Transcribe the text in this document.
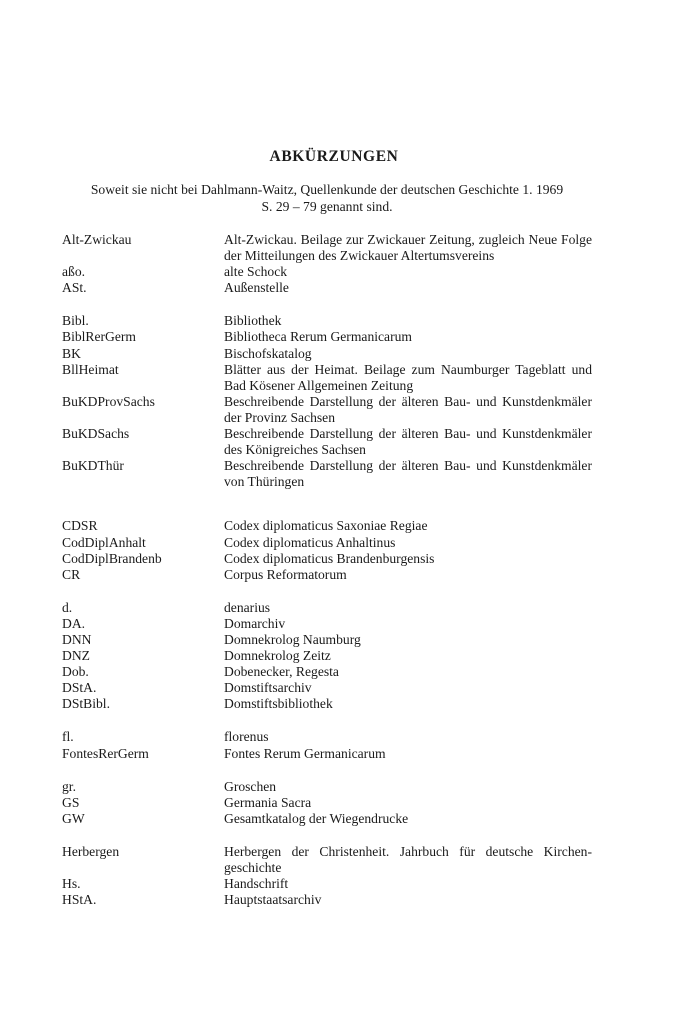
ABKÜRZUNGEN

Soweit sie nicht bei Dahlmann-Waitz, Quellenkunde der deutschen Geschichte 1. 1969
S. 29 – 79 genannt sind.

Alt-Zwickau	Alt-Zwickau. Beilage zur Zwickauer Zeitung, zugleich Neue Folge der Mitteilungen des Zwickauer Altertumsvereins
aßo.	alte Schock
ASt.	Außenstelle
Bibl.	Bibliothek
BiblRerGerm	Bibliotheca Rerum Germanicarum
BK	Bischofskatalog
BllHeimat	Blätter aus der Heimat. Beilage zum Naumburger Tageblatt und Bad Kösener Allgemeinen Zeitung
BuKDProvSachs	Beschreibende Darstellung der älteren Bau- und Kunstdenkmäler der Provinz Sachsen
BuKDSachs	Beschreibende Darstellung der älteren Bau- und Kunstdenkmäler des Königreiches Sachsen
BuKDThür	Beschreibende Darstellung der älteren Bau- und Kunstdenkmäler von Thüringen
CDSR	Codex diplomaticus Saxoniae Regiae
CodDiplAnhalt	Codex diplomaticus Anhaltinus
CodDiplBrandenb	Codex diplomaticus Brandenburgensis
CR	Corpus Reformatorum
d.	denarius
DA.	Domarchiv
DNN	Domnekrolog Naumburg
DNZ	Domnekrolog Zeitz
Dob.	Dobenecker, Regesta
DStA.	Domstiftsarchiv
DStBibl.	Domstiftsbibliothek
fl.	florenus
FontesRerGerm	Fontes Rerum Germanicarum
gr.	Groschen
GS	Germania Sacra
GW	Gesamtkatalog der Wiegendrucke
Herbergen	Herbergen der Christenheit. Jahrbuch für deutsche Kirchengeschichte
Hs.	Handschrift
HStA.	Hauptstaatsarchiv
